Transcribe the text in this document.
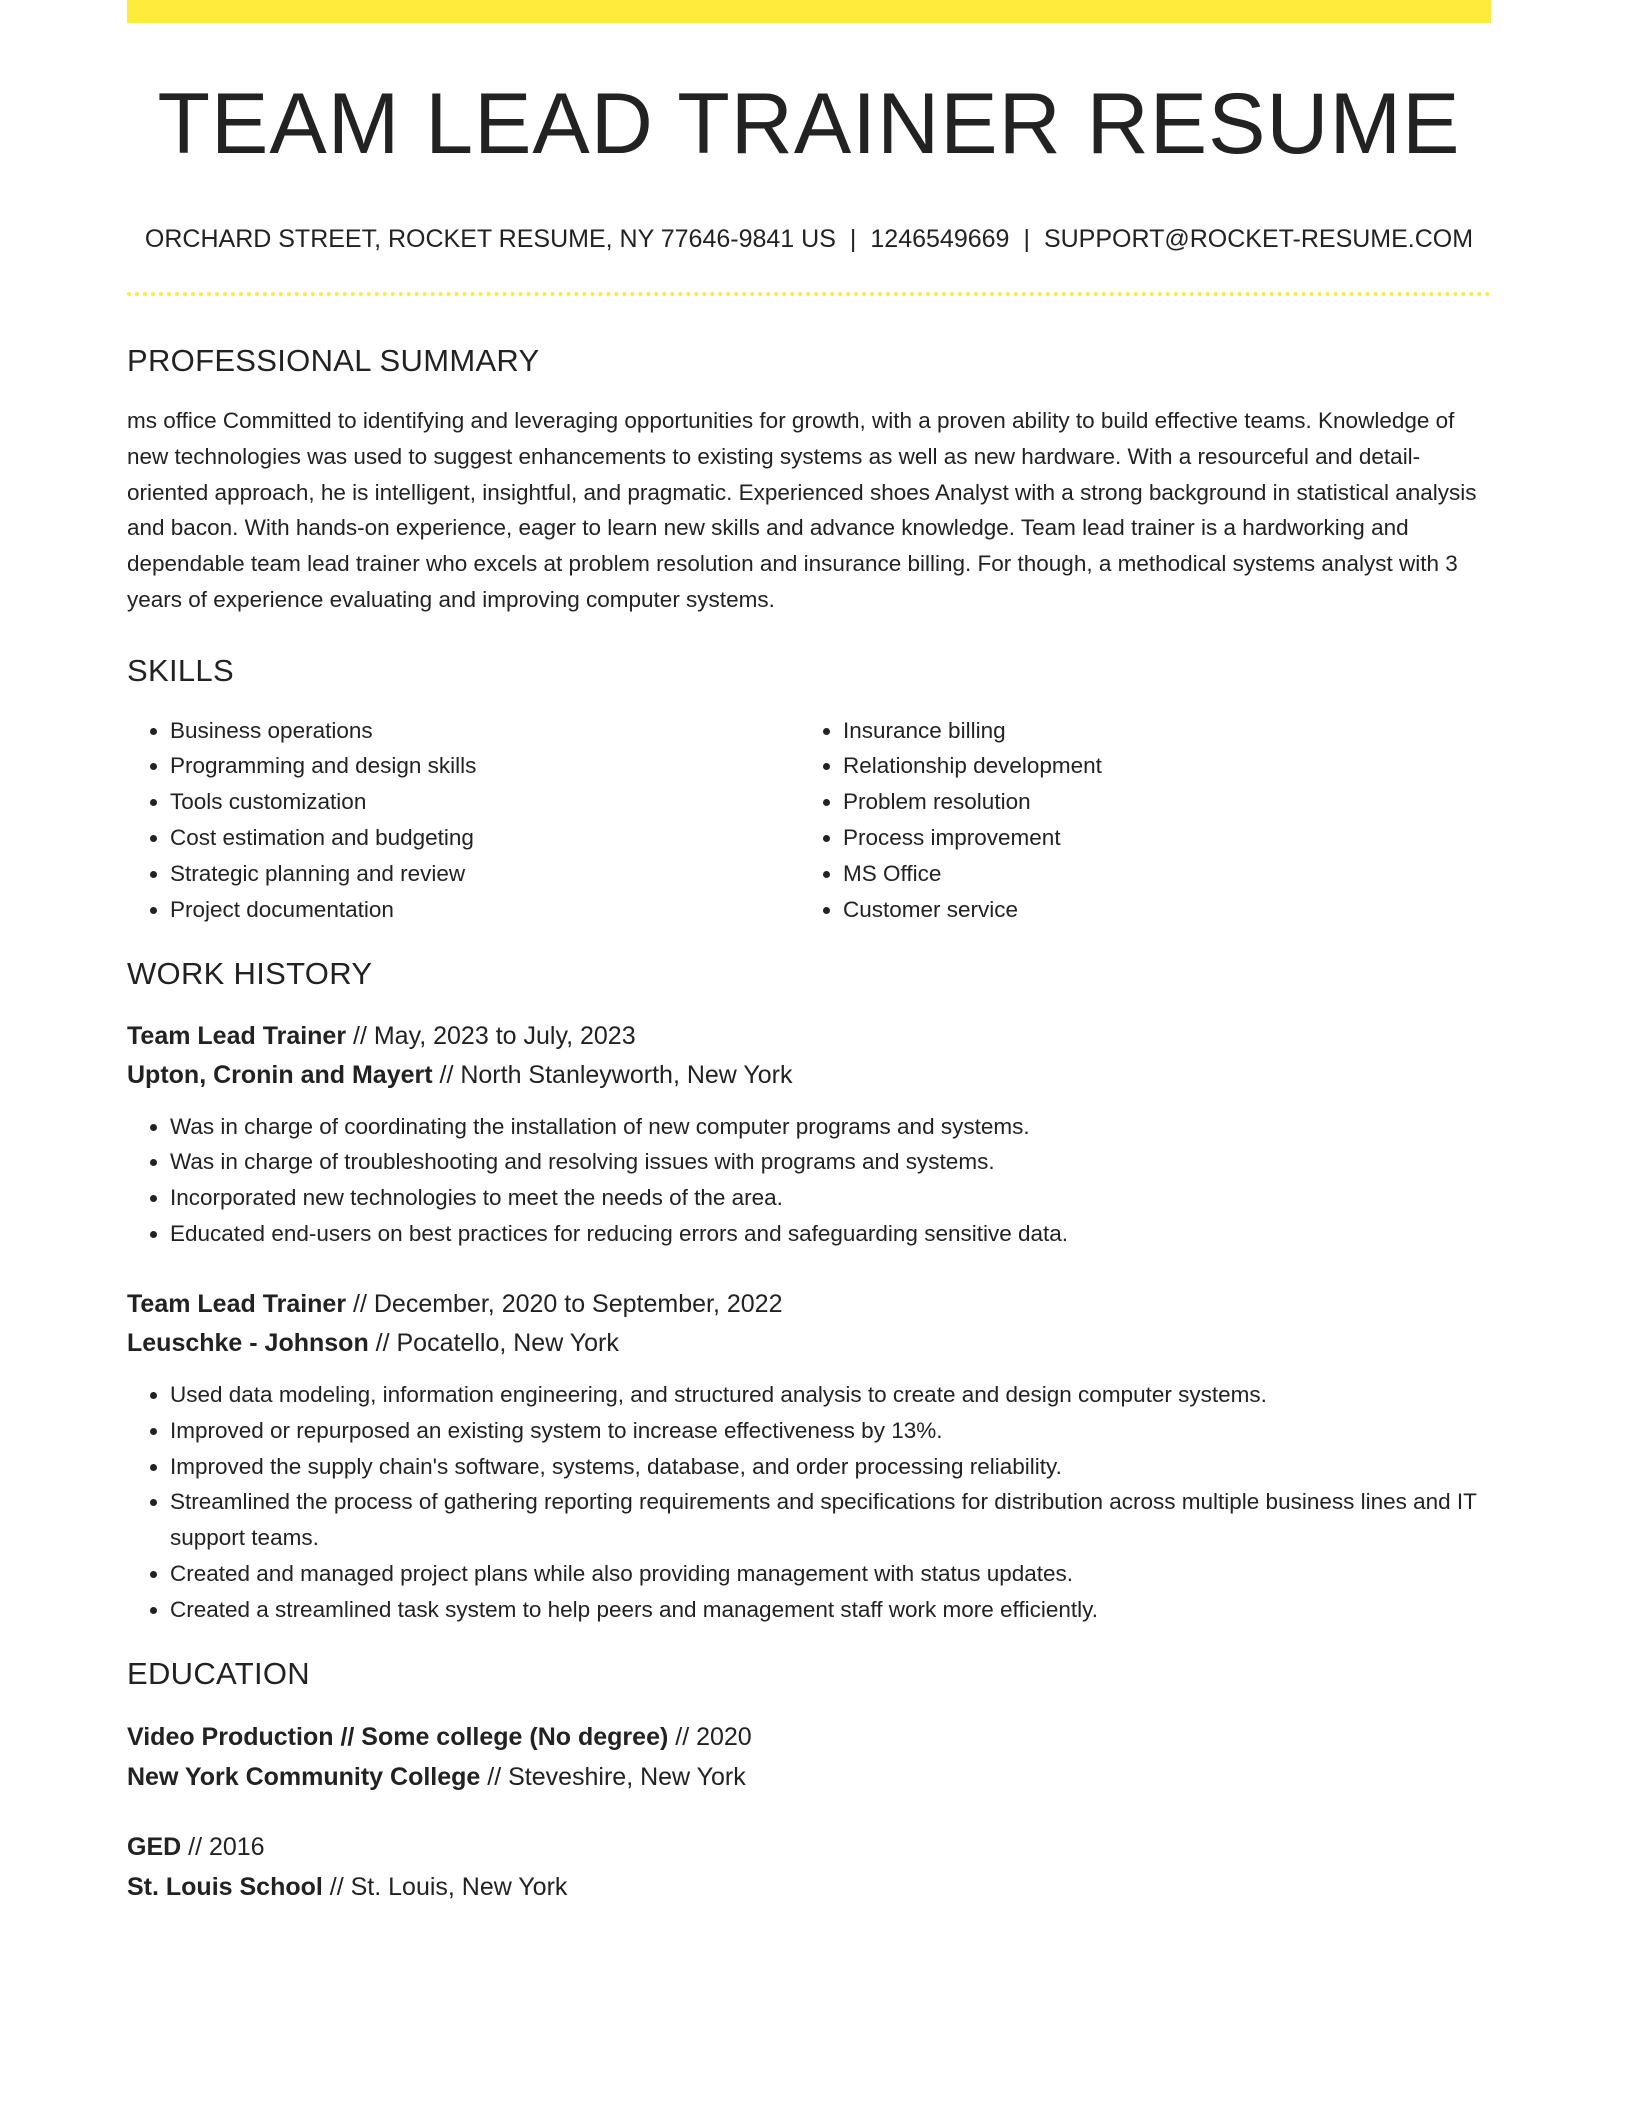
TEAM LEAD TRAINER RESUME
ORCHARD STREET, ROCKET RESUME, NY 77646-9841 US | 1246549669 | SUPPORT@ROCKET-RESUME.COM
PROFESSIONAL SUMMARY

ms office Committed to identifying and leveraging opportunities for growth, with a proven ability to build effective teams. Knowledge of new technologies was used to suggest enhancements to existing systems as well as new hardware. With a resourceful and detail-oriented approach, he is intelligent, insightful, and pragmatic. Experienced shoes Analyst with a strong background in statistical analysis and bacon. With hands-on experience, eager to learn new skills and advance knowledge. Team lead trainer is a hardworking and dependable team lead trainer who excels at problem resolution and insurance billing. For though, a methodical systems analyst with 3 years of experience evaluating and improving computer systems.

SKILLS
• Business operations
• Programming and design skills
• Tools customization
• Cost estimation and budgeting
• Strategic planning and review
• Project documentation
• Insurance billing
• Relationship development
• Problem resolution
• Process improvement
• MS Office
• Customer service
WORK HISTORY
Team Lead Trainer // May, 2023 to July, 2023
Upton, Cronin and Mayert // North Stanleyworth, New York
• Was in charge of coordinating the installation of new computer programs and systems.
• Was in charge of troubleshooting and resolving issues with programs and systems.
• Incorporated new technologies to meet the needs of the area.
• Educated end-users on best practices for reducing errors and safeguarding sensitive data.
Team Lead Trainer // December, 2020 to September, 2022
Leuschke - Johnson // Pocatello, New York
• Used data modeling, information engineering, and structured analysis to create and design computer systems.
• Improved or repurposed an existing system to increase effectiveness by 13%.
• Improved the supply chain's software, systems, database, and order processing reliability.
• Streamlined the process of gathering reporting requirements and specifications for distribution across multiple business lines and IT support teams.
• Created and managed project plans while also providing management with status updates.
• Created a streamlined task system to help peers and management staff work more efficiently.
EDUCATION
Video Production // Some college (No degree) // 2020
New York Community College // Steveshire, New York
GED // 2016
St. Louis School // St. Louis, New York
